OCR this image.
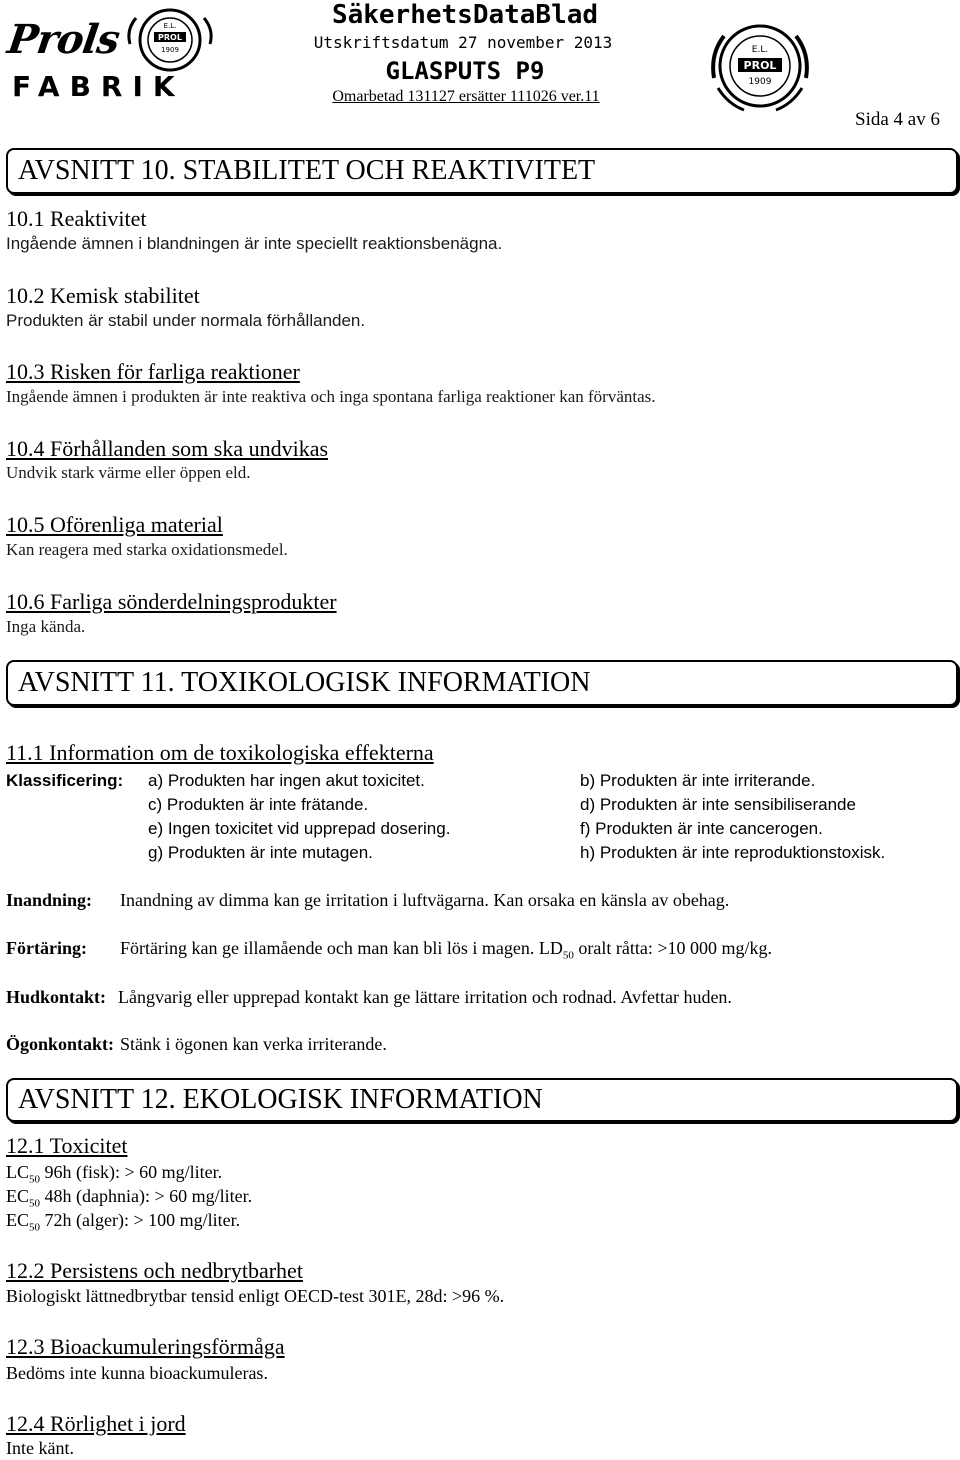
Prols
FABRIK
E.L.
PROL
1909
SäkerhetsDataBlad
Utskriftsdatum 27 november 2013
GLASPUTS P9
Omarbetad 131127 ersätter 111026 ver.11
E.L.
PROL
1909
Sida 4 av 6
AVSNITT 10. STABILITET OCH REAKTIVITET
10.1 Reaktivitet
Ingående ämnen i blandningen är inte speciellt reaktionsbenägna.
10.2 Kemisk stabilitet
Produkten är stabil under normala förhållanden.
10.3 Risken för farliga reaktioner
Ingående ämnen i produkten är inte reaktiva och inga spontana farliga reaktioner kan förväntas.
10.4 Förhållanden som ska undvikas
Undvik stark värme eller öppen eld.
10.5 Oförenliga material
Kan reagera med starka oxidationsmedel.
10.6 Farliga sönderdelningsprodukter
Inga kända.
AVSNITT 11. TOXIKOLOGISK INFORMATION
11.1 Information om de toxikologiska effekterna
Klassificering: a) Produkten har ingen akut toxicitet.	b) Produkten är inte irriterande.
c) Produkten är inte frätande.	d) Produkten är inte sensibiliserande
e) Ingen toxicitet vid upprepad dosering.	f) Produkten är inte cancerogen.
g) Produkten är inte mutagen.	h) Produkten är inte reproduktionstoxisk.
Inandning: Inandning av dimma kan ge irritation i luftvägarna. Kan orsaka en känsla av obehag.
Förtäring: Förtäring kan ge illamående och man kan bli lös i magen. $LD_{50}$ oralt råtta: >10 000 mg/kg.
Hudkontakt: Långvarig eller upprepad kontakt kan ge lättare irritation och rodnad. Avfettar huden.
Ögonkontakt: Stänk i ögonen kan verka irriterande.
AVSNITT 12. EKOLOGISK INFORMATION
12.1 Toxicitet
$LC_{50}$ 96h (fisk): > 60 mg/liter.
$EC_{50}$ 48h (daphnia): > 60 mg/liter.
$EC_{50}$ 72h (alger): > 100 mg/liter.
12.2 Persistens och nedbrytbarhet
Biologiskt lättnedbrytbar tensid enligt OECD-test 301E, 28d: >96 %.
12.3 Bioackumuleringsförmåga
Bedöms inte kunna bioackumuleras.
12.4 Rörlighet i jord
Inte känt.
